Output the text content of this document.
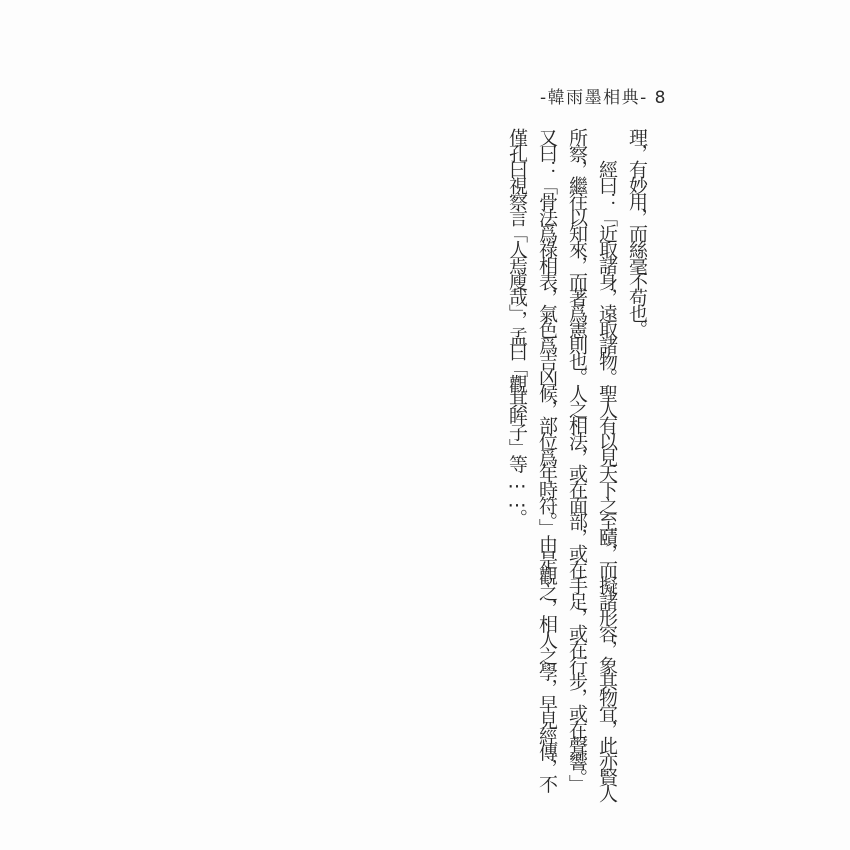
-韓雨墨相典- 8
理，有妙用，而絲毫不苟也。
經曰：「近取諸身，遠取諸物。聖人有以見天下之至賾，而擬諸形容，象其物宜，此亦賢人
所察，繼往以知來，而著爲憲則也。人之相法，或在面部，或在手足，或在行步，或在聲響。」
又曰：「骨法爲祿相表，氣色爲吉凶候，部位爲年時符。」由是觀之，相人之學，早見經傳，不
僅孔曰視察言「人焉廋哉」，孟曰「觀其眸子」等……。
